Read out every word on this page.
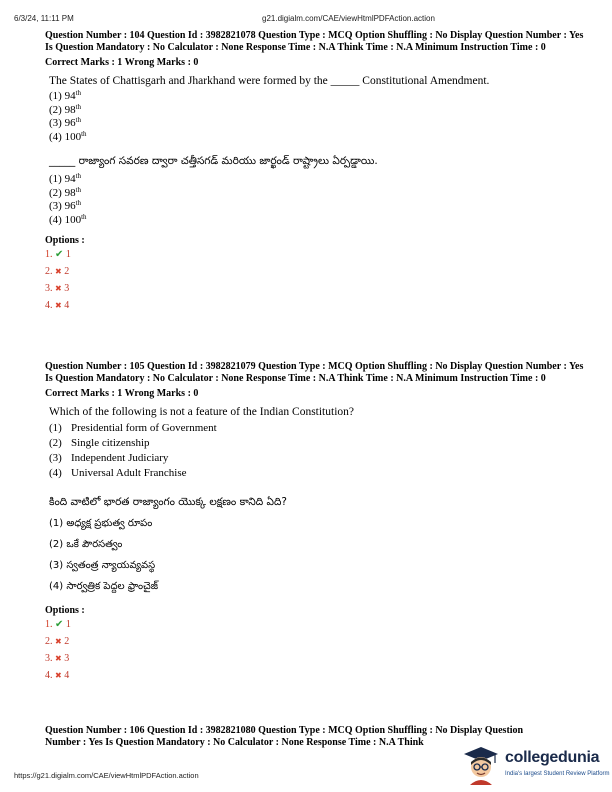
6/3/24, 11:11 PM	g21.digialm.com/CAE/viewHtmlPDFAction.action

Question Number : 104 Question Id : 3982821078 Question Type : MCQ Option Shuffling : No Display Question Number : Yes Is Question Mandatory : No Calculator : None Response Time : N.A Think Time : N.A Minimum Instruction Time : 0

Correct Marks : 1 Wrong Marks : 0
The States of Chattisgarh and Jharkhand were formed by the _____ Constitutional Amendment.
(1) 94th
(2) 98th
(3) 96th
(4) 100th
_____ రాజ్యాంగ సవరణ ద్వారా చత్తీసగడ్ మరియు జార్ఖండ్ రాష్ట్రాలు ఏర్పడ్డాయి.
(1) 94th
(2) 98th
(3) 96th
(4) 100th
Options :
1. ✔ 1
2. ✖ 2
3. ✖ 3
4. ✖ 4

Question Number : 105 Question Id : 3982821079 Question Type : MCQ Option Shuffling : No Display Question Number : Yes Is Question Mandatory : No Calculator : None Response Time : N.A Think Time : N.A Minimum Instruction Time : 0

Correct Marks : 1 Wrong Marks : 0
Which of the following is not a feature of the Indian Constitution?
(1) Presidential form of Government
(2) Single citizenship
(3) Independent Judiciary
(4) Universal Adult Franchise
కింది వాటిలో భారత రాజ్యాంగం యొక్క లక్షణం కానిది ఏది?
(1) అధ్యక్ష ప్రభుత్వ రూపం
(2) ఒకే పౌరసత్వం
(3) స్వతంత్ర న్యాయవ్యవస్థ
(4) సార్వత్రిక పెద్దల ఫ్రాంచైజ్
Options :
1. ✔ 1
2. ✖ 2
3. ✖ 3
4. ✖ 4
Question Number : 106 Question Id : 3982821080 Question Type : MCQ Option Shuffling : No Display Question
Number : Yes Is Question Mandatory : No Calculator : None Response Time : N.A Think
https://g21.digialm.com/CAE/viewHtmlPDFAction.action
collegedunia
India's largest Student Review Platform
